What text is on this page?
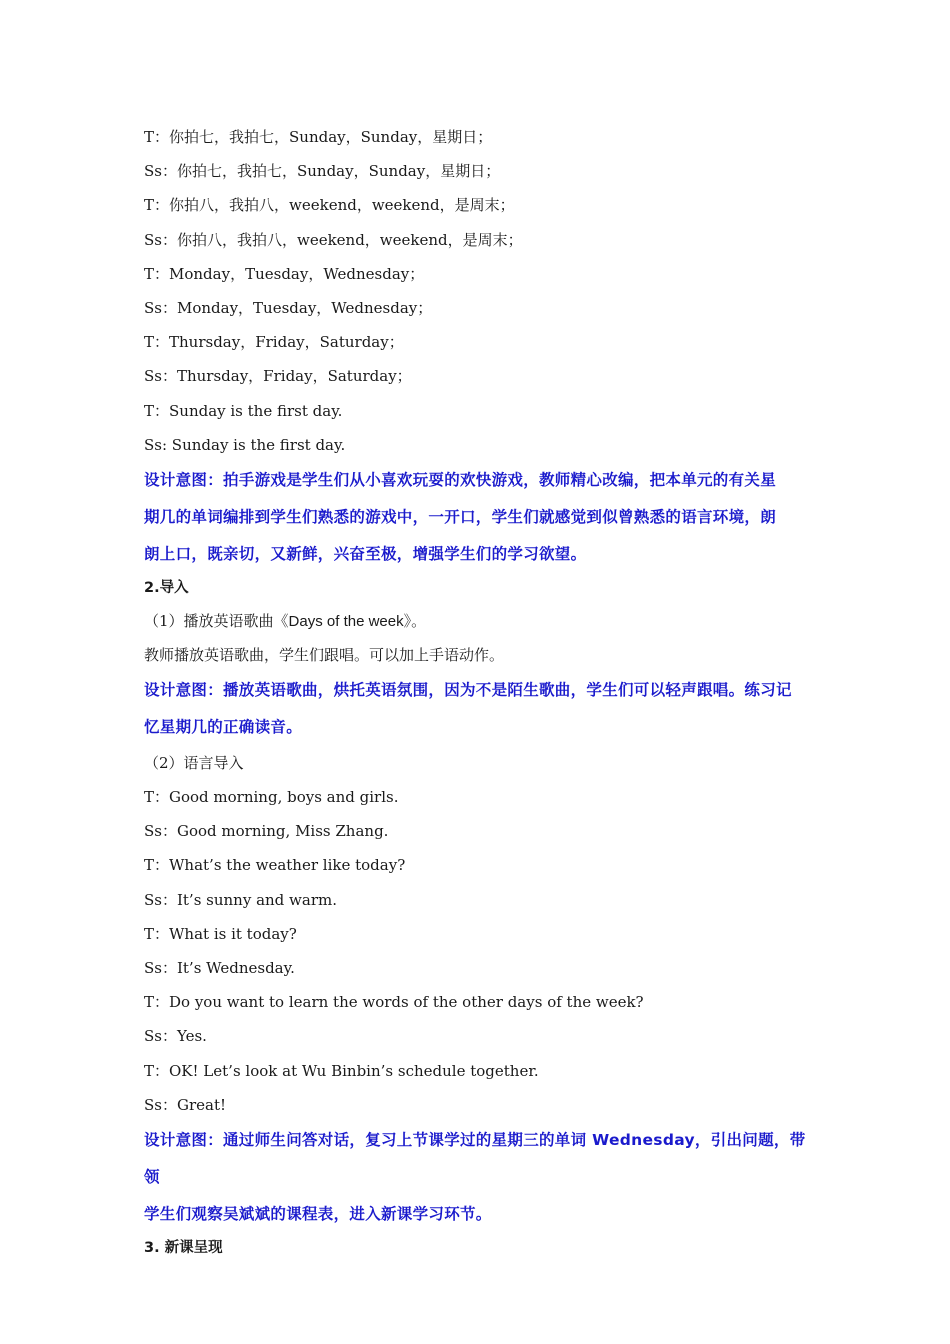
T：你拍七，我拍七，Sunday，Sunday，星期日；
Ss：你拍七，我拍七，Sunday，Sunday，星期日；
T：你拍八，我拍八，weekend，weekend，是周末；
Ss：你拍八，我拍八，weekend，weekend，是周末；
T：Monday，Tuesday，Wednesday；
Ss：Monday，Tuesday，Wednesday；
T：Thursday，Friday，Saturday；
Ss：Thursday，Friday，Saturday；
T：Sunday is the first day.
Ss: Sunday is the first day.
设计意图：拍手游戏是学生们从小喜欢玩耍的欢快游戏，教师精心改编，把本单元的有关星
期几的单词编排到学生们熟悉的游戏中，一开口，学生们就感觉到似曾熟悉的语言环境，朗
朗上口，既亲切，又新鲜，兴奋至极，增强学生们的学习欲望。
2.导入
（1）播放英语歌曲《Days of the week》。
教师播放英语歌曲，学生们跟唱。可以加上手语动作。
设计意图：播放英语歌曲，烘托英语氛围，因为不是陌生歌曲，学生们可以轻声跟唱。练习记
忆星期几的正确读音。
（2）语言导入
T：Good morning, boys and girls.
Ss：Good morning, Miss Zhang.
T：What’s the weather like today?
Ss：It’s sunny and warm.
T：What is it today?
Ss：It’s Wednesday.
T：Do you want to learn the words of the other days of the week?
Ss：Yes.
T：OK! Let’s look at Wu Binbin’s schedule together.
Ss：Great!
设计意图：通过师生问答对话，复习上节课学过的星期三的单词 Wednesday，引出问题，带领
学生们观察吴斌斌的课程表，进入新课学习环节。
3. 新课呈现
